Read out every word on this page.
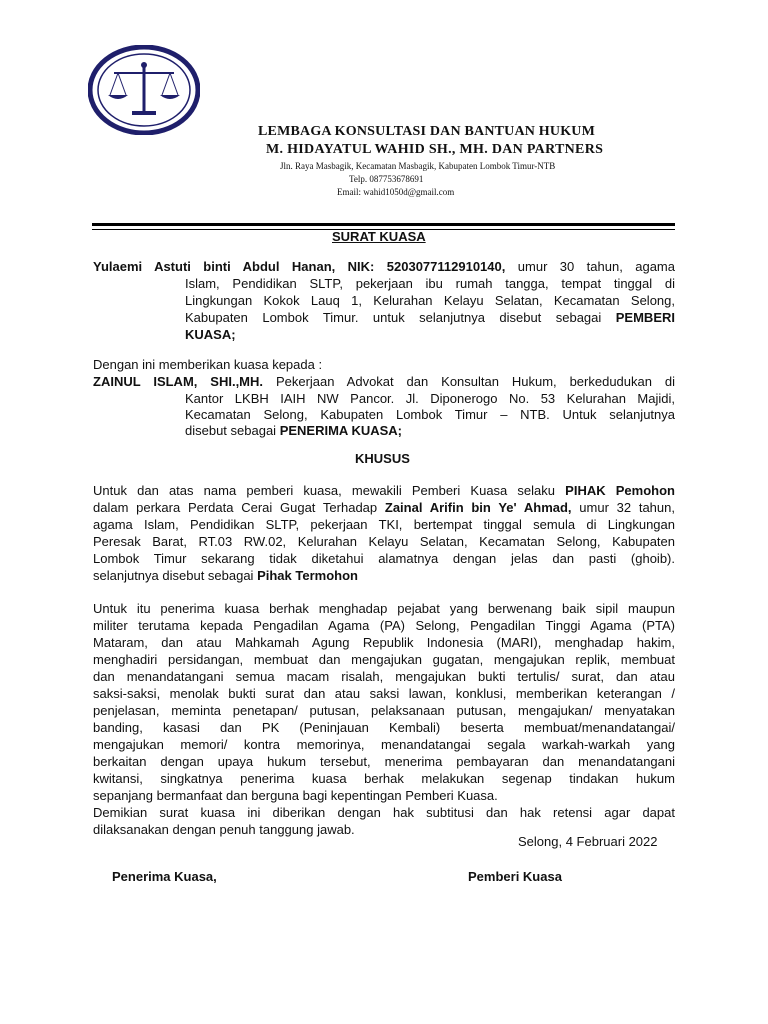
LEMBAGA KONSULTASI DAN BANTUAN HUKUM
M. HIDAYATUL WAHID SH., MH. DAN PARTNERS
Jln. Raya Masbagik, Kecamatan Masbagik, Kabupaten Lombok Timur-NTB
Telp. 087753678691
Email: wahid1050d@gmail.com
SURAT KUASA
Yulaemi Astuti binti Abdul Hanan, NIK: 5203077112910140, umur 30 tahun, agama
Islam, Pendidikan SLTP, pekerjaan ibu rumah tangga, tempat tinggal di
Lingkungan Kokok Lauq 1, Kelurahan Kelayu Selatan, Kecamatan Selong,
Kabupaten Lombok Timur. untuk selanjutnya disebut sebagai PEMBERI
KUASA;
Dengan ini memberikan kuasa kepada :
ZAINUL ISLAM, SHI.,MH. Pekerjaan Advokat dan Konsultan Hukum, berkedudukan di
Kantor LKBH IAIH NW Pancor. Jl. Diponerogo No. 53 Kelurahan Majidi,
Kecamatan Selong, Kabupaten Lombok Timur – NTB. Untuk selanjutnya
disebut sebagai PENERIMA KUASA;
KHUSUS
Untuk dan atas nama pemberi kuasa, mewakili Pemberi Kuasa selaku PIHAK Pemohon
dalam perkara Perdata Cerai Gugat Terhadap Zainal Arifin bin Ye' Ahmad, umur 32 tahun,
agama Islam, Pendidikan SLTP, pekerjaan TKI, bertempat tinggal semula di Lingkungan
Peresak Barat, RT.03 RW.02, Kelurahan Kelayu Selatan, Kecamatan Selong, Kabupaten
Lombok Timur sekarang tidak diketahui alamatnya dengan jelas dan pasti (ghoib).
selanjutnya disebut sebagai Pihak Termohon
Untuk itu penerima kuasa berhak menghadap pejabat yang berwenang baik sipil maupun
militer terutama kepada Pengadilan Agama (PA) Selong, Pengadilan Tinggi Agama (PTA)
Mataram, dan atau Mahkamah Agung Republik Indonesia (MARI), menghadap hakim,
menghadiri persidangan, membuat dan mengajukan gugatan, mengajukan replik, membuat
dan menandatangani semua macam risalah, mengajukan bukti tertulis/ surat, dan atau
saksi-saksi, menolak bukti surat dan atau saksi lawan, konklusi, memberikan keterangan /
penjelasan, meminta penetapan/ putusan, pelaksanaan putusan, mengajukan/ menyatakan
banding, kasasi dan PK (Peninjauan Kembali) beserta membuat/menandatangai/
mengajukan memori/ kontra memorinya, menandatangai segala warkah-warkah yang
berkaitan dengan upaya hukum tersebut, menerima pembayaran dan menandatangani
kwitansi, singkatnya penerima kuasa berhak melakukan segenap tindakan hukum
sepanjang bermanfaat dan berguna bagi kepentingan Pemberi Kuasa.
Demikian surat kuasa ini diberikan dengan hak subtitusi dan hak retensi agar dapat
dilaksanakan dengan penuh tanggung jawab.
Selong, 4 Februari 2022
Penerima Kuasa,	Pemberi Kuasa
